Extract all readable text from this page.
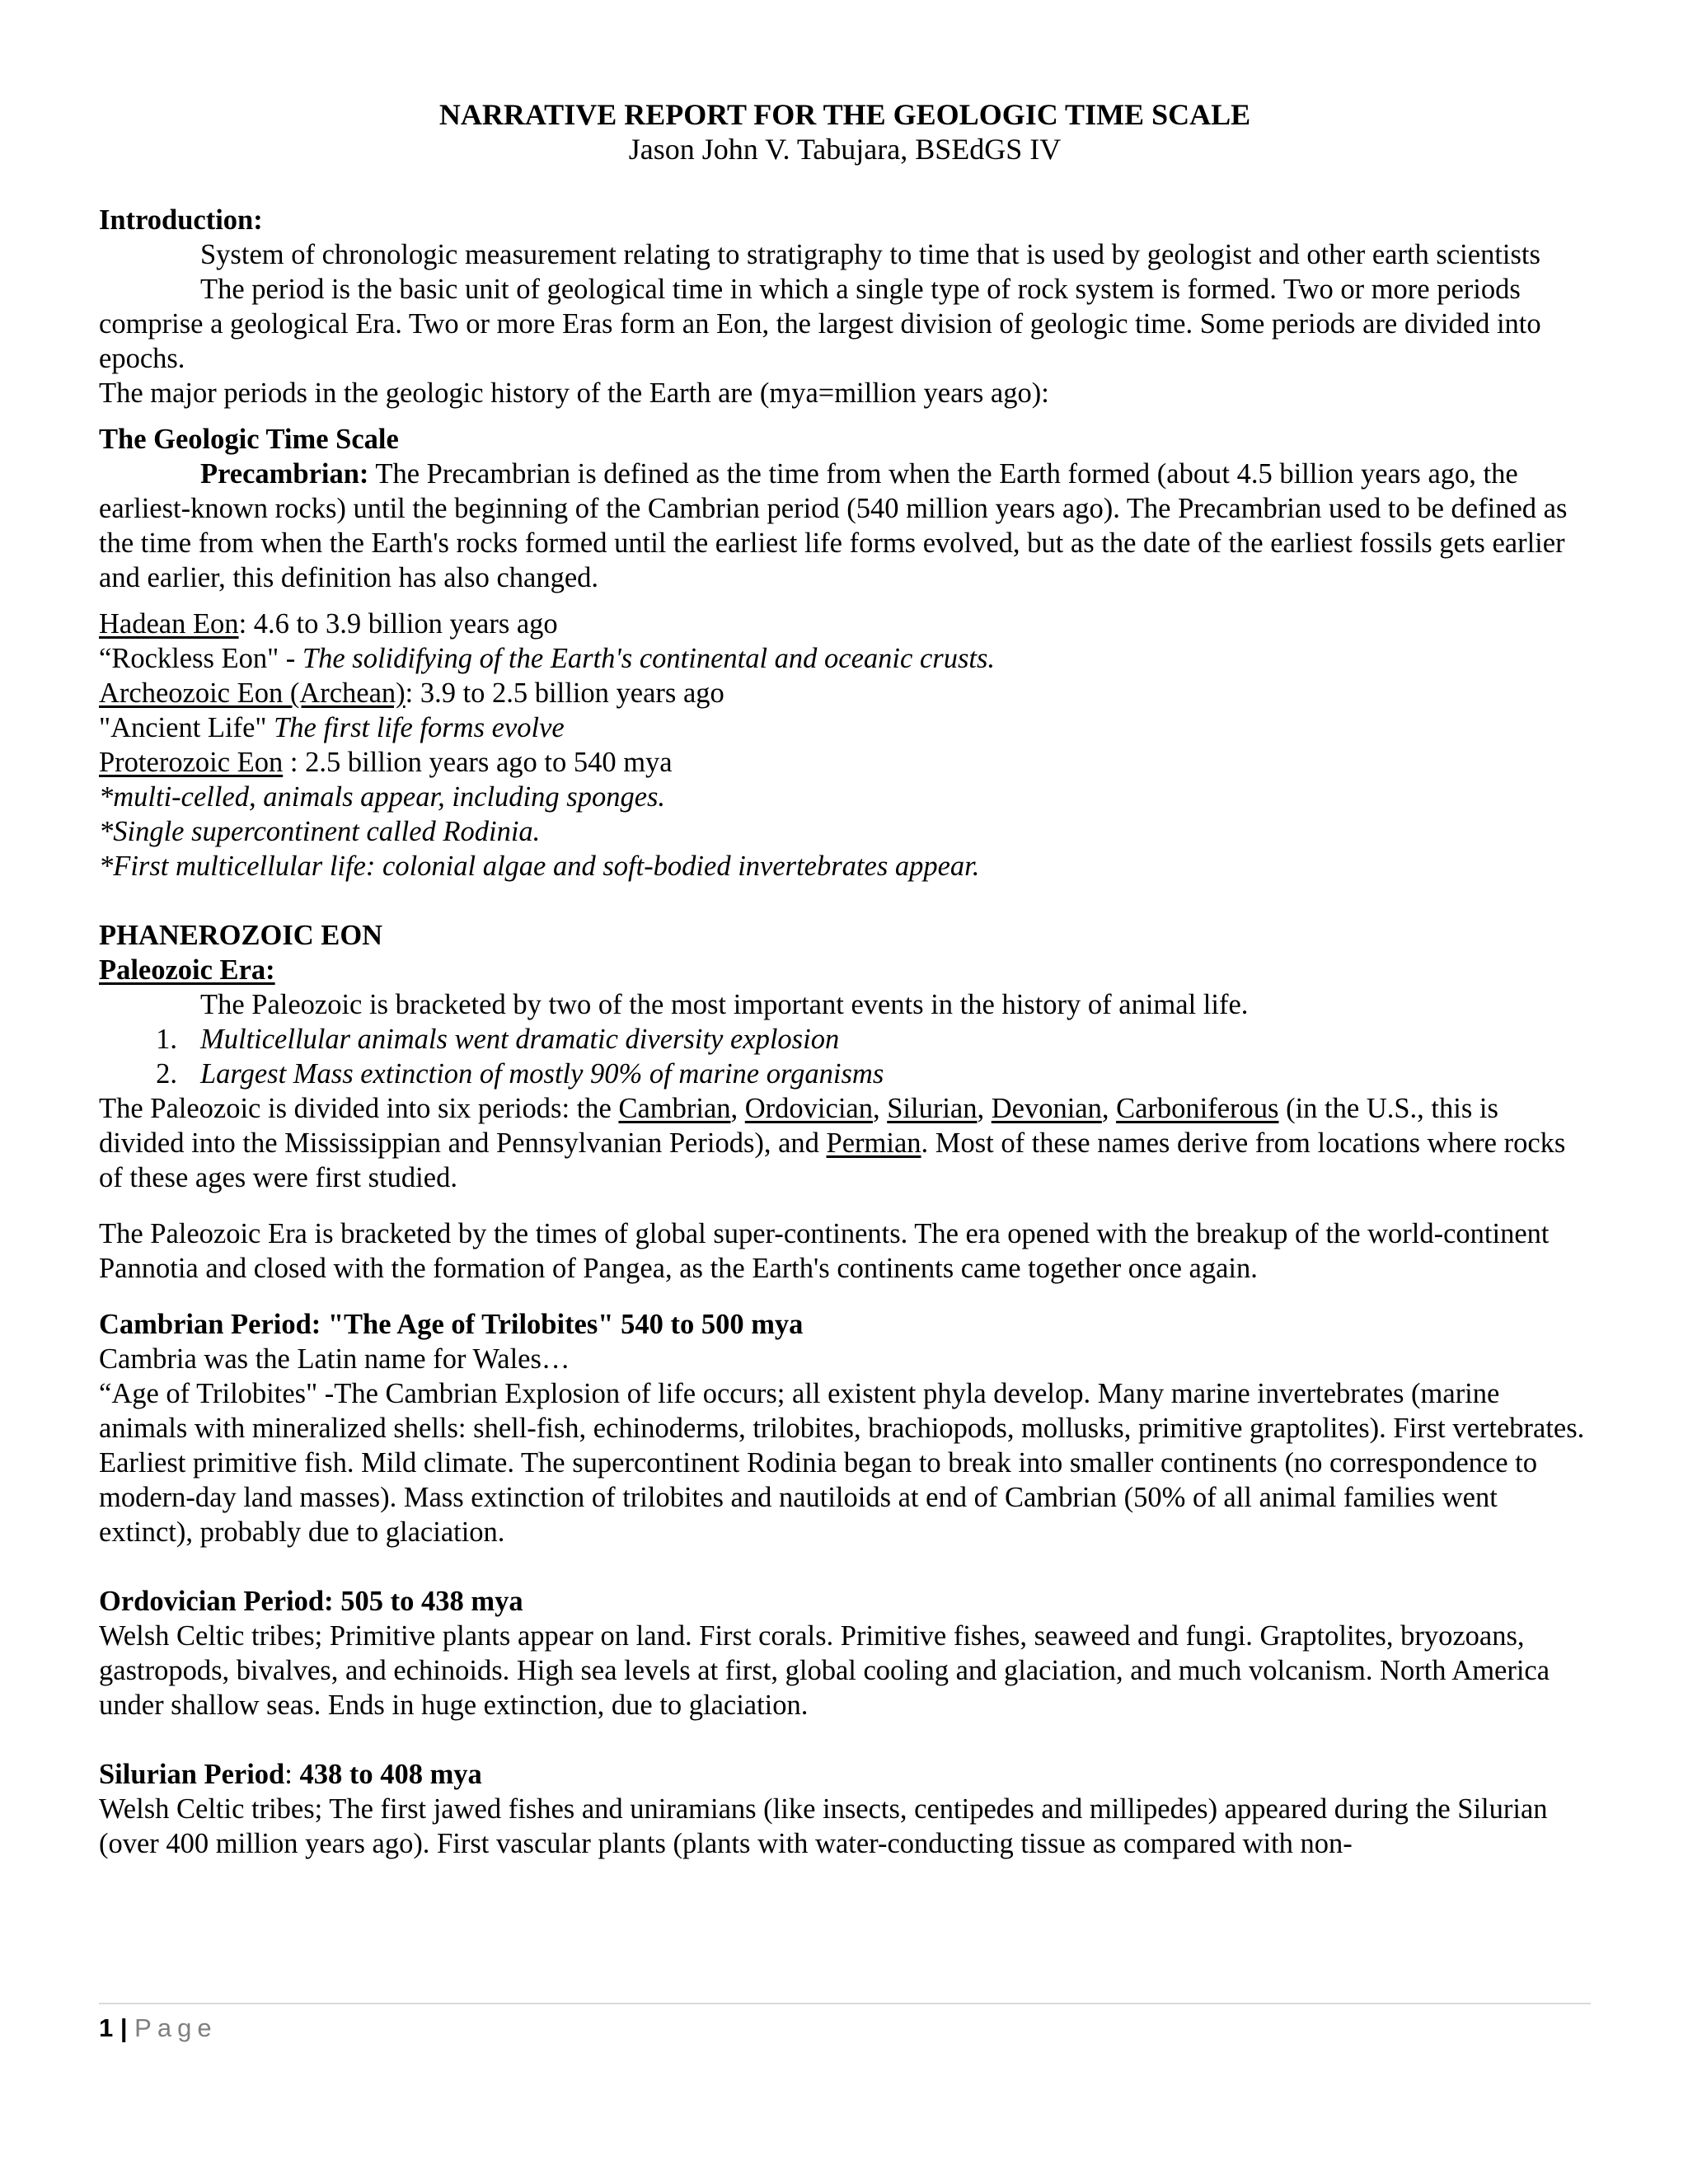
NARRATIVE REPORT FOR THE GEOLOGIC TIME SCALE
Jason John V. Tabujara, BSEdGS IV

Introduction:

System of chronologic measurement relating to stratigraphy to time that is used by geologist and other earth scientists

The period is the basic unit of geological time in which a single type of rock system is formed. Two or more periods comprise a geological Era. Two or more Eras form an Eon, the largest division of geologic time. Some periods are divided into epochs.

The major periods in the geologic history of the Earth are (mya=million years ago):

The Geologic Time Scale

Precambrian: The Precambrian is defined as the time from when the Earth formed (about 4.5 billion years ago, the earliest-known rocks) until the beginning of the Cambrian period (540 million years ago). The Precambrian used to be defined as the time from when the Earth's rocks formed until the earliest life forms evolved, but as the date of the earliest fossils gets earlier and earlier, this definition has also changed.

Hadean Eon: 4.6 to 3.9 billion years ago

“Rockless Eon" - The solidifying of the Earth's continental and oceanic crusts.

Archeozoic Eon (Archean): 3.9 to 2.5 billion years ago

"Ancient Life" The first life forms evolve

Proterozoic Eon : 2.5 billion years ago to 540 mya

*multi-celled, animals appear, including sponges.

*Single supercontinent called Rodinia.

*First multicellular life: colonial algae and soft-bodied invertebrates appear.

PHANEROZOIC EON

Paleozoic Era:

The Paleozoic is bracketed by two of the most important events in the history of animal life.

1. Multicellular animals went dramatic diversity explosion
2. Largest Mass extinction of mostly 90% of marine organisms

The Paleozoic is divided into six periods: the Cambrian, Ordovician, Silurian, Devonian, Carboniferous (in the U.S., this is divided into the Mississippian and Pennsylvanian Periods), and Permian. Most of these names derive from locations where rocks of these ages were first studied.

The Paleozoic Era is bracketed by the times of global super-continents. The era opened with the breakup of the world-continent Pannotia and closed with the formation of Pangea, as the Earth's continents came together once again.

Cambrian Period: "The Age of Trilobites" 540 to 500 mya

Cambria was the Latin name for Wales…

“Age of Trilobites" -The Cambrian Explosion of life occurs; all existent phyla develop. Many marine invertebrates (marine animals with mineralized shells: shell-fish, echinoderms, trilobites, brachiopods, mollusks, primitive graptolites). First vertebrates. Earliest primitive fish. Mild climate. The supercontinent Rodinia began to break into smaller continents (no correspondence to modern-day land masses). Mass extinction of trilobites and nautiloids at end of Cambrian (50% of all animal families went extinct), probably due to glaciation.

Ordovician Period: 505 to 438 mya

Welsh Celtic tribes; Primitive plants appear on land. First corals. Primitive fishes, seaweed and fungi. Graptolites, bryozoans, gastropods, bivalves, and echinoids. High sea levels at first, global cooling and glaciation, and much volcanism. North America under shallow seas. Ends in huge extinction, due to glaciation.

Silurian Period: 438 to 408 mya

Welsh Celtic tribes; The first jawed fishes and uniramians (like insects, centipedes and millipedes) appeared during the Silurian (over 400 million years ago). First vascular plants (plants with water-conducting tissue as compared with non-

1 | Page
